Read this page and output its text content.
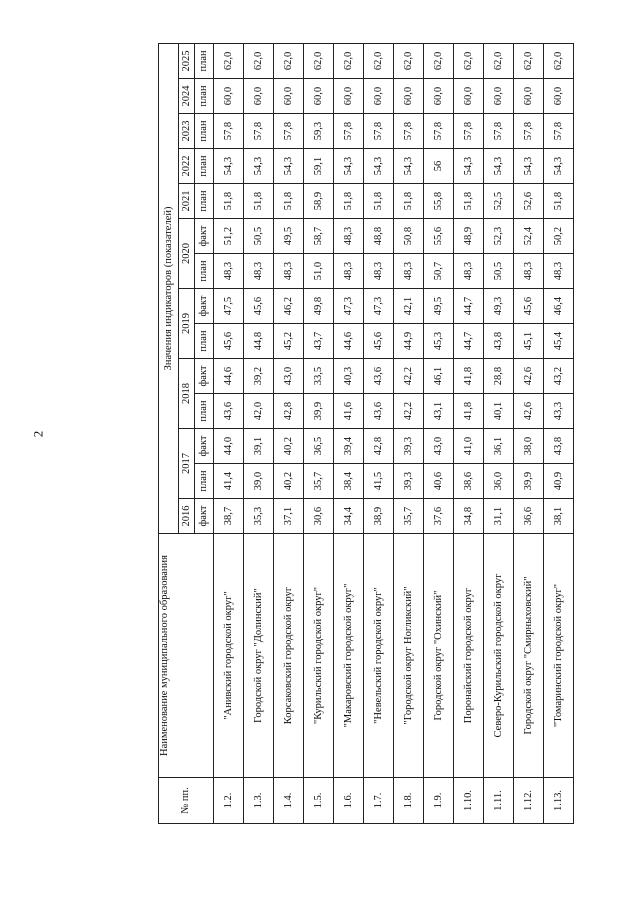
2
№ пп.	Наименование муниципального образования	Значения индикаторов (показателей)													
		2016	2017		2018		2019		2020		2021	2022	2023	2024	2025
		факт	план	факт	план	факт	план	факт	план	факт	план	план	план	план	план
1.2.	"Анивский городской округ"	38,7	41,4	44,0	43,6	44,6	45,6	47,5	48,3	51,2	51,8	54,3	57,8	60,0	62,0
1.3.	Городской округ "Долинский"	35,3	39,0	39,1	42,0	39,2	44,8	45,6	48,3	50,5	51,8	54,3	57,8	60,0	62,0
1.4.	Корсаковский городской округ	37,1	40,2	40,2	42,8	43,0	45,2	46,2	48,3	49,5	51,8	54,3	57,8	60,0	62,0
1.5.	"Курильский городской округ"	30,6	35,7	36,5	39,9	33,5	43,7	49,8	51,0	58,7	58,9	59,1	59,3	60,0	62,0
1.6.	"Макаровский городской округ"	34,4	38,4	39,4	41,6	40,3	44,6	47,3	48,3	48,3	51,8	54,3	57,8	60,0	62,0
1.7.	"Невельский городской округ"	38,9	41,5	42,8	43,6	43,6	45,6	47,3	48,3	48,8	51,8	54,3	57,8	60,0	62,0
1.8.	"Городской округ Ногликский"	35,7	39,3	39,3	42,2	42,2	44,9	42,1	48,3	50,8	51,8	54,3	57,8	60,0	62,0
1.9.	Городской округ "Охинский"	37,6	40,6	43,0	43,1	46,1	45,3	49,5	50,7	55,6	55,8	56	57,8	60,0	62,0
1.10.	Поронайский городской округ	34,8	38,6	41,0	41,8	41,8	44,7	44,7	48,3	48,9	51,8	54,3	57,8	60,0	62,0
1.11.	Северо-Курильский городской округ	31,1	36,0	36,1	40,1	28,8	43,8	49,3	50,5	52,3	52,5	54,3	57,8	60,0	62,0
1.12.	Городской округ "Смирныховский"	36,6	39,9	38,0	42,6	42,6	45,1	45,6	48,3	52,4	52,6	54,3	57,8	60,0	62,0
1.13.	"Томаринский городской округ"	38,1	40,9	43,8	43,3	43,2	45,4	46,4	48,3	50,2	51,8	54,3	57,8	60,0	62,0
